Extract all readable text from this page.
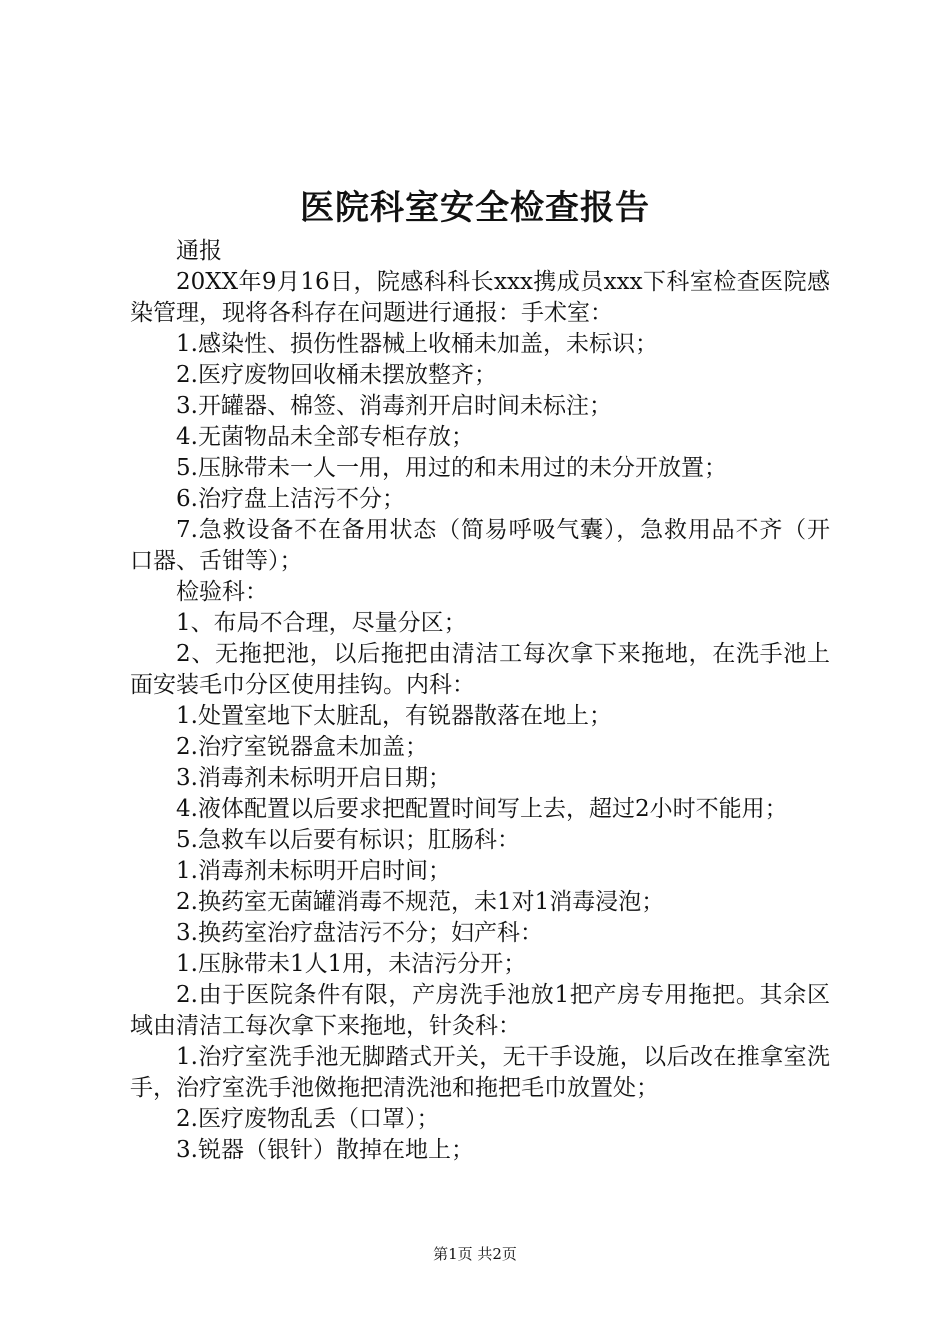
医院科室安全检查报告

通报

20XX年9月16日，院感科科长xxx携成员xxx下科室检查医院感染管理，现将各科存在问题进行通报：手术室：

1.感染性、损伤性器械上收桶未加盖，未标识；

2.医疗废物回收桶未摆放整齐；

3.开罐器、棉签、消毒剂开启时间未标注；

4.无菌物品未全部专柜存放；

5.压脉带未一人一用，用过的和未用过的未分开放置；

6.治疗盘上洁污不分；

7.急救设备不在备用状态（简易呼吸气囊），急救用品不齐（开口器、舌钳等）；

检验科：

1、布局不合理，尽量分区；

2、无拖把池，以后拖把由清洁工每次拿下来拖地，在洗手池上面安装毛巾分区使用挂钩。内科：

1.处置室地下太脏乱，有锐器散落在地上；

2.治疗室锐器盒未加盖；

3.消毒剂未标明开启日期；

4.液体配置以后要求把配置时间写上去，超过2小时不能用；

5.急救车以后要有标识；肛肠科：

1.消毒剂未标明开启时间；

2.换药室无菌罐消毒不规范，未1对1消毒浸泡；

3.换药室治疗盘洁污不分；妇产科：

1.压脉带未1人1用，未洁污分开；

2.由于医院条件有限，产房洗手池放1把产房专用拖把。其余区域由清洁工每次拿下来拖地，针灸科：

1.治疗室洗手池无脚踏式开关，无干手设施，以后改在推拿室洗手，治疗室洗手池傚拖把清洗池和拖把毛巾放置处；

2.医疗废物乱丢（口罩）；

3.锐器（银针）散掉在地上；

第1页 共2页
